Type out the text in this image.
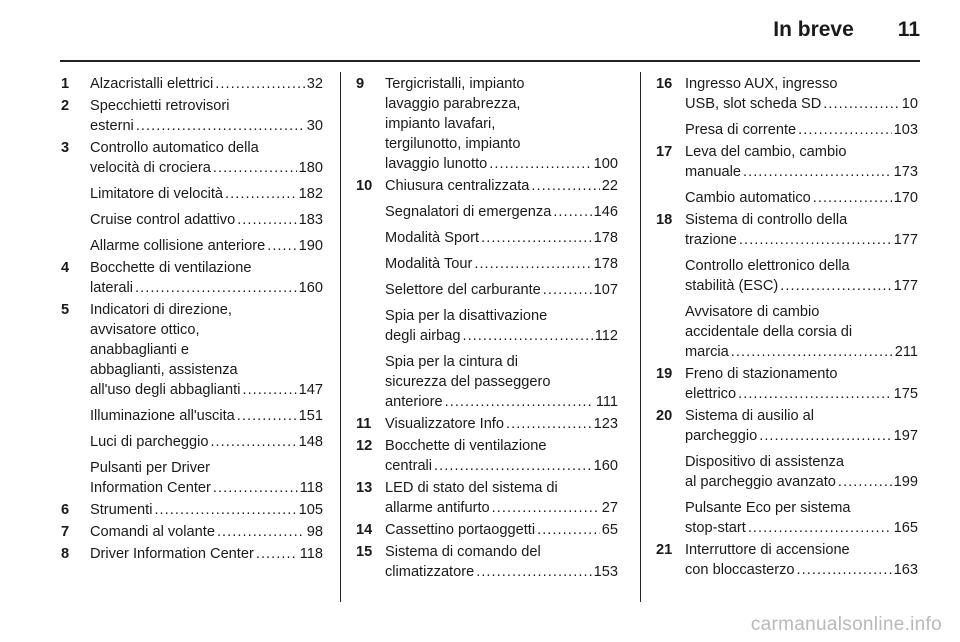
In breve 11
1	Alzacristalli elettrici . . .	32
2	Specchietti retrovisori
esterni . . .	30
3	Controllo automatico della
velocità di crociera . . .	180
Limitatore di velocità . . .	182
Cruise control adattivo . . .	183
Allarme collisione anteriore . . . 190
4	Bocchette di ventilazione
laterali . . .	160
5	Indicatori di direzione,
avvisatore ottico,
anabbaglianti e
abbaglianti, assistenza
all'uso degli abbaglianti . . .	147
Illuminazione all'uscita . . .	151
Luci di parcheggio . . .	148
Pulsanti per Driver
Information Center . . .	118
6	Strumenti . . .	105
7	Comandi al volante . . .	98
8	Driver Information Center . . .	118
9	Tergicristalli, impianto
lavaggio parabrezza,
impianto lavafari,
tergilunotto, impianto
lavaggio lunotto . . .	100
10 Chiusura centralizzata . . .	22
Segnalatori di emergenza . . .	146
Modalità Sport . . .	178
Modalità Tour . . .	178
Selettore del carburante . . .	107
Spia per la disattivazione
degli airbag . . .	112
Spia per la cintura di
sicurezza del passeggero
anteriore . . .	111
11 Visualizzatore Info . . .	123
12 Bocchette di ventilazione
centrali . . .	160
13 LED di stato del sistema di
allarme antifurto . . .	27
14 Cassettino portaoggetti . . .	65
15 Sistema di comando del
climatizzatore . . .	153
16 Ingresso AUX, ingresso
USB, slot scheda SD . . .	10
Presa di corrente . . .	103
17 Leva del cambio, cambio
manuale . . .	173
Cambio automatico . . .	170
18 Sistema di controllo della
trazione . . .	177
Controllo elettronico della
stabilità (ESC) . . .	177
Avvisatore di cambio
accidentale della corsia di
marcia . . .	211
19 Freno di stazionamento
elettrico . . .	175
20 Sistema di ausilio al
parcheggio . . .	197
Dispositivo di assistenza
al parcheggio avanzato . . .	199
Pulsante Eco per sistema
stop-start . . .	165
21 Interruttore di accensione
con bloccasterzo . . .	163
carmanualsonline.info
